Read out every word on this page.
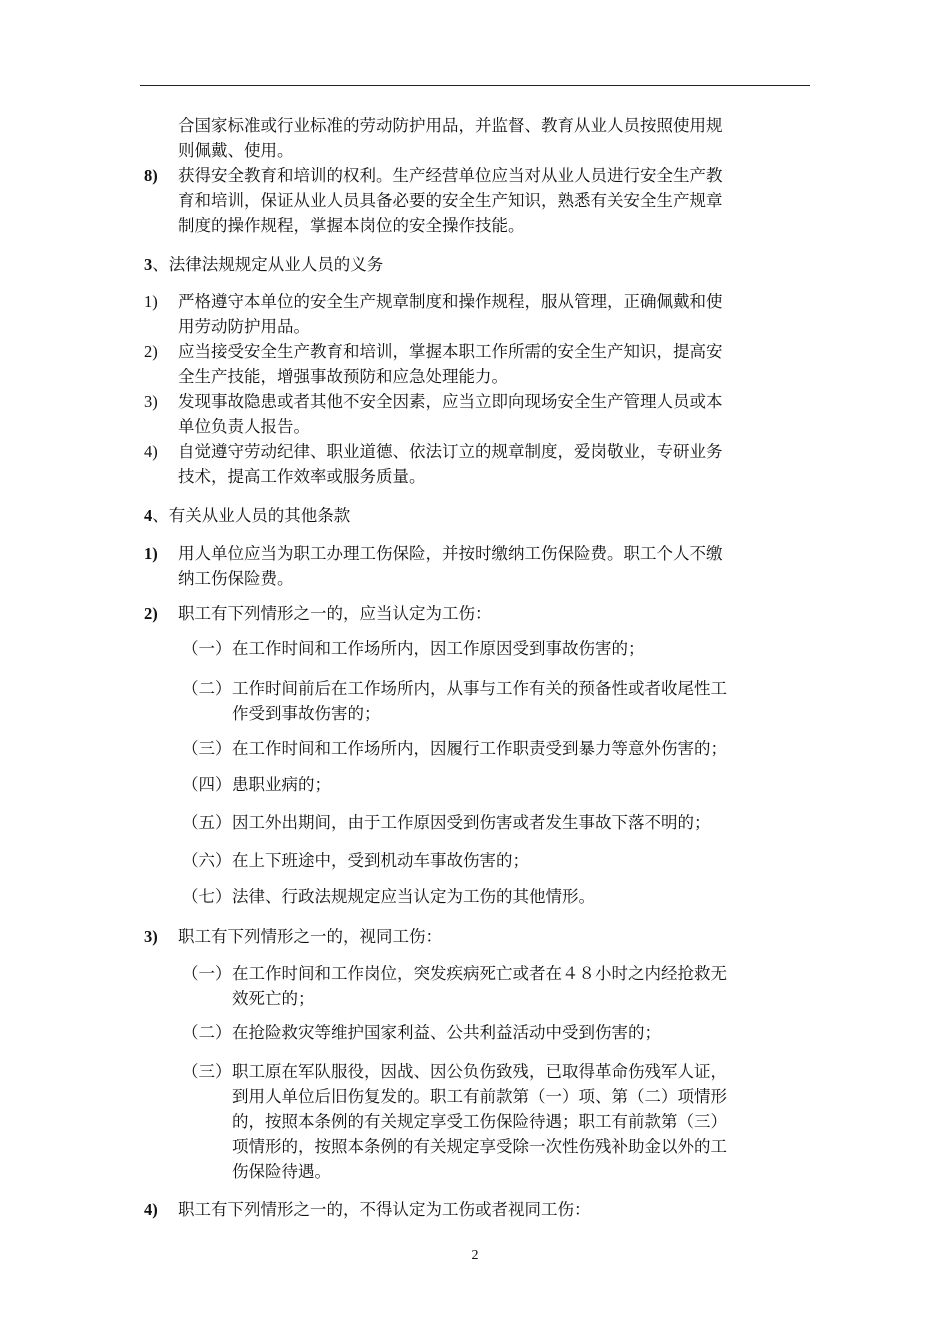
合国家标准或行业标准的劳动防护用品，并监督、教育从业人员按照使用规
则佩戴、使用。
8) 获得安全教育和培训的权利。生产经营单位应当对从业人员进行安全生产教
育和培训，保证从业人员具备必要的安全生产知识，熟悉有关安全生产规章
制度的操作规程，掌握本岗位的安全操作技能。
3、法律法规规定从业人员的义务
1) 严格遵守本单位的安全生产规章制度和操作规程，服从管理，正确佩戴和使
用劳动防护用品。
2) 应当接受安全生产教育和培训，掌握本职工作所需的安全生产知识，提高安
全生产技能，增强事故预防和应急处理能力。
3) 发现事故隐患或者其他不安全因素，应当立即向现场安全生产管理人员或本
单位负责人报告。
4) 自觉遵守劳动纪律、职业道德、依法订立的规章制度，爱岗敬业，专研业务
技术，提高工作效率或服务质量。
4、有关从业人员的其他条款
1) 用人单位应当为职工办理工伤保险，并按时缴纳工伤保险费。职工个人不缴
纳工伤保险费。
2) 职工有下列情形之一的，应当认定为工伤：
（一） 在工作时间和工作场所内，因工作原因受到事故伤害的；
（二） 工作时间前后在工作场所内，从事与工作有关的预备性或者收尾性工
作受到事故伤害的；
（三） 在工作时间和工作场所内，因履行工作职责受到暴力等意外伤害的；
（四） 患职业病的；
（五） 因工外出期间，由于工作原因受到伤害或者发生事故下落不明的；
（六） 在上下班途中，受到机动车事故伤害的；
（七） 法律、行政法规规定应当认定为工伤的其他情形。
3) 职工有下列情形之一的，视同工伤：
（一） 在工作时间和工作岗位，突发疾病死亡或者在４８小时之内经抢救无
效死亡的；
（二） 在抢险救灾等维护国家利益、公共利益活动中受到伤害的；
（三） 职工原在军队服役，因战、因公负伤致残，已取得革命伤残军人证，
到用人单位后旧伤复发的。职工有前款第（一）项、第（二）项情形
的，按照本条例的有关规定享受工伤保险待遇；职工有前款第（三）
项情形的，按照本条例的有关规定享受除一次性伤残补助金以外的工
伤保险待遇。
4) 职工有下列情形之一的，不得认定为工伤或者视同工伤：
2
